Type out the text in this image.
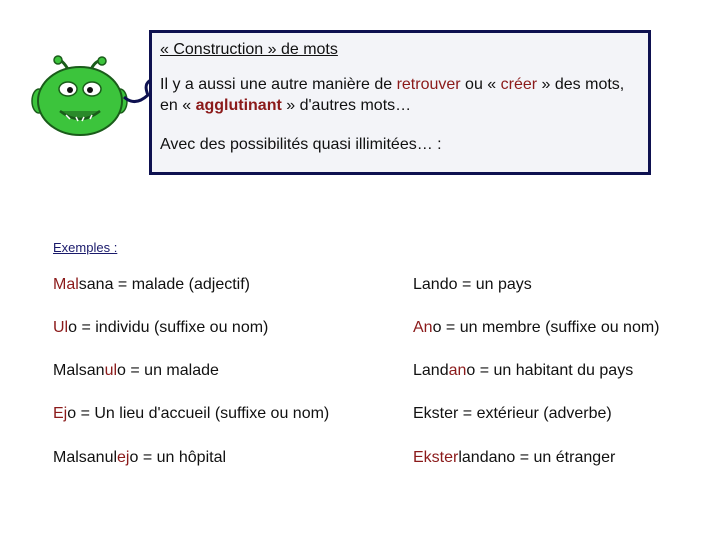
« Construction » de mots
Il y a aussi une autre manière de retrouver ou « créer » des mots, en « agglutinant » d'autres mots…
Avec des possibilités quasi illimitées… :
Exemples :
Malsana = malade (adjectif)
Ulo = individu (suffixe ou nom)
Malsanulo = un malade
Ejo = Un lieu d'accueil (suffixe ou nom)
Malsanulejo = un hôpital
Lando = un pays
Ano = un membre (suffixe ou nom)
Landano = un habitant du pays
Ekster = extérieur (adverbe)
Eksterlandano = un étranger
